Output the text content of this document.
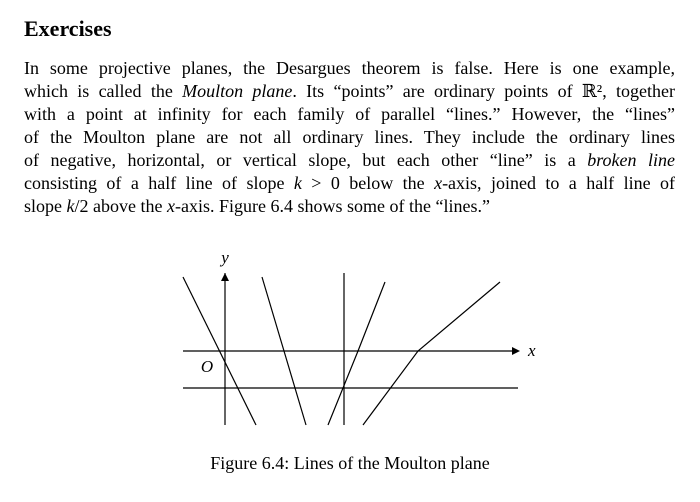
Exercises
In some projective planes, the Desargues theorem is false. Here is one example,
which is called the Moulton plane. Its “points” are ordinary points of ℝ², together
with a point at infinity for each family of parallel “lines.” However, the “lines”
of the Moulton plane are not all ordinary lines. They include the ordinary lines
of negative, horizontal, or vertical slope, but each other “line” is a broken line
consisting of a half line of slope k > 0 below the x-axis, joined to a half line of
slope k/2 above the x-axis. Figure 6.4 shows some of the “lines.”
y
x
O
Figure 6.4: Lines of the Moulton plane
